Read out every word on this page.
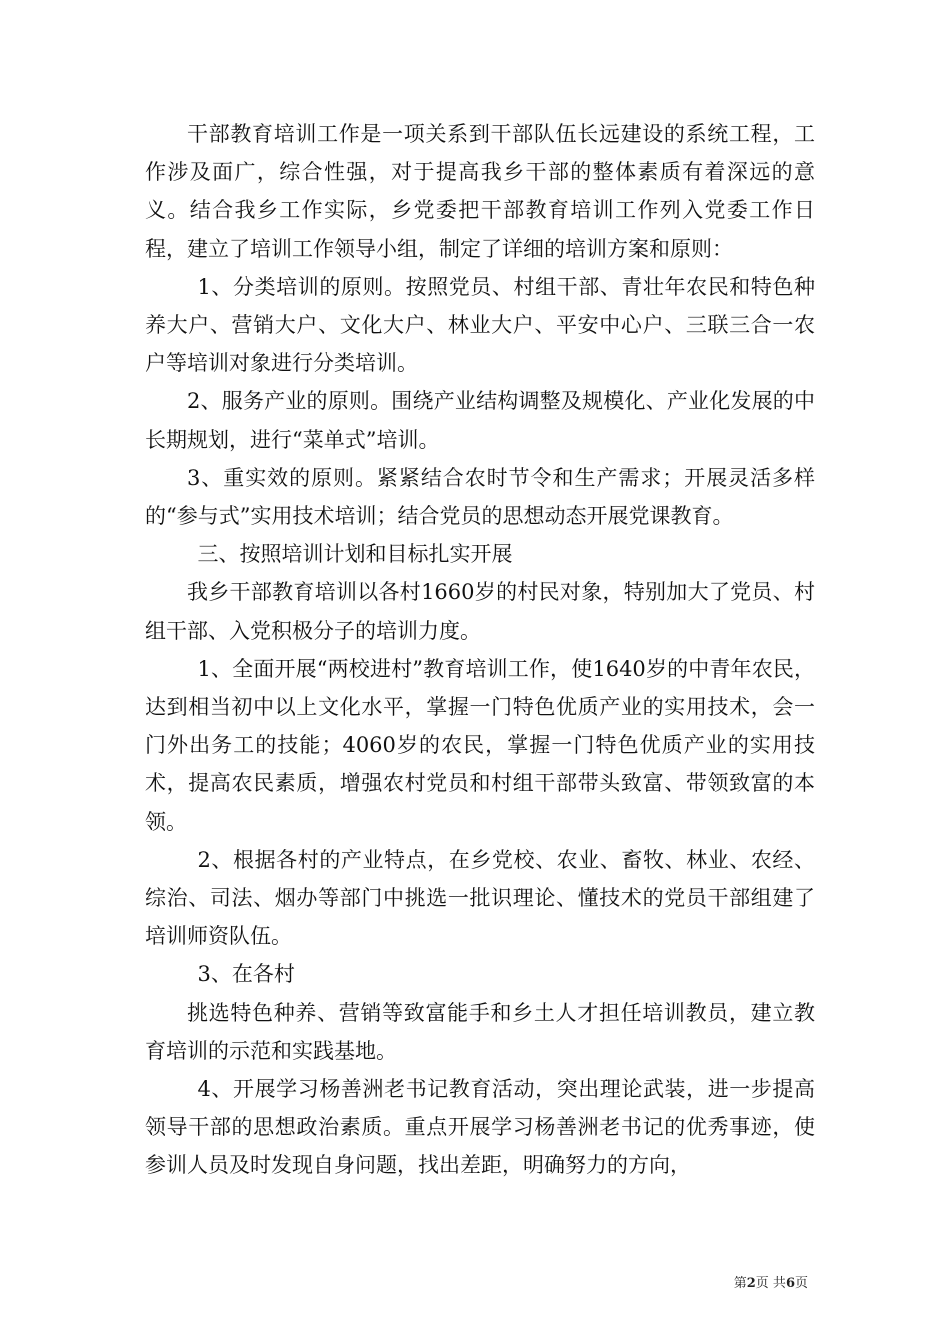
干部教育培训工作是一项关系到干部队伍长远建设的系统工程，工作涉及面广，综合性强，对于提高我乡干部的整体素质有着深远的意义。结合我乡工作实际，乡党委把干部教育培训工作列入党委工作日程，建立了培训工作领导小组，制定了详细的培训方案和原则：

1、分类培训的原则。按照党员、村组干部、青壮年农民和特色种养大户、营销大户、文化大户、林业大户、平安中心户、三联三合一农户等培训对象进行分类培训。

2、服务产业的原则。围绕产业结构调整及规模化、产业化发展的中长期规划，进行“菜单式”培训。

3、重实效的原则。紧紧结合农时节令和生产需求；开展灵活多样的“参与式”实用技术培训；结合党员的思想动态开展党课教育。

三、按照培训计划和目标扎实开展

我乡干部教育培训以各村1660岁的村民对象，特别加大了党员、村组干部、入党积极分子的培训力度。

1、全面开展“两校进村”教育培训工作，使1640岁的中青年农民，达到相当初中以上文化水平，掌握一门特色优质产业的实用技术，会一门外出务工的技能；4060岁的农民，掌握一门特色优质产业的实用技术，提高农民素质，增强农村党员和村组干部带头致富、带领致富的本领。

2、根据各村的产业特点，在乡党校、农业、畜牧、林业、农经、综治、司法、烟办等部门中挑选一批识理论、懂技术的党员干部组建了培训师资队伍。

3、在各村

挑选特色种养、营销等致富能手和乡土人才担任培训教员，建立教育培训的示范和实践基地。

4、开展学习杨善洲老书记教育活动，突出理论武装，进一步提高领导干部的思想政治素质。重点开展学习杨善洲老书记的优秀事迹，使参训人员及时发现自身问题，找出差距，明确努力的方向，

第2页 共6页
